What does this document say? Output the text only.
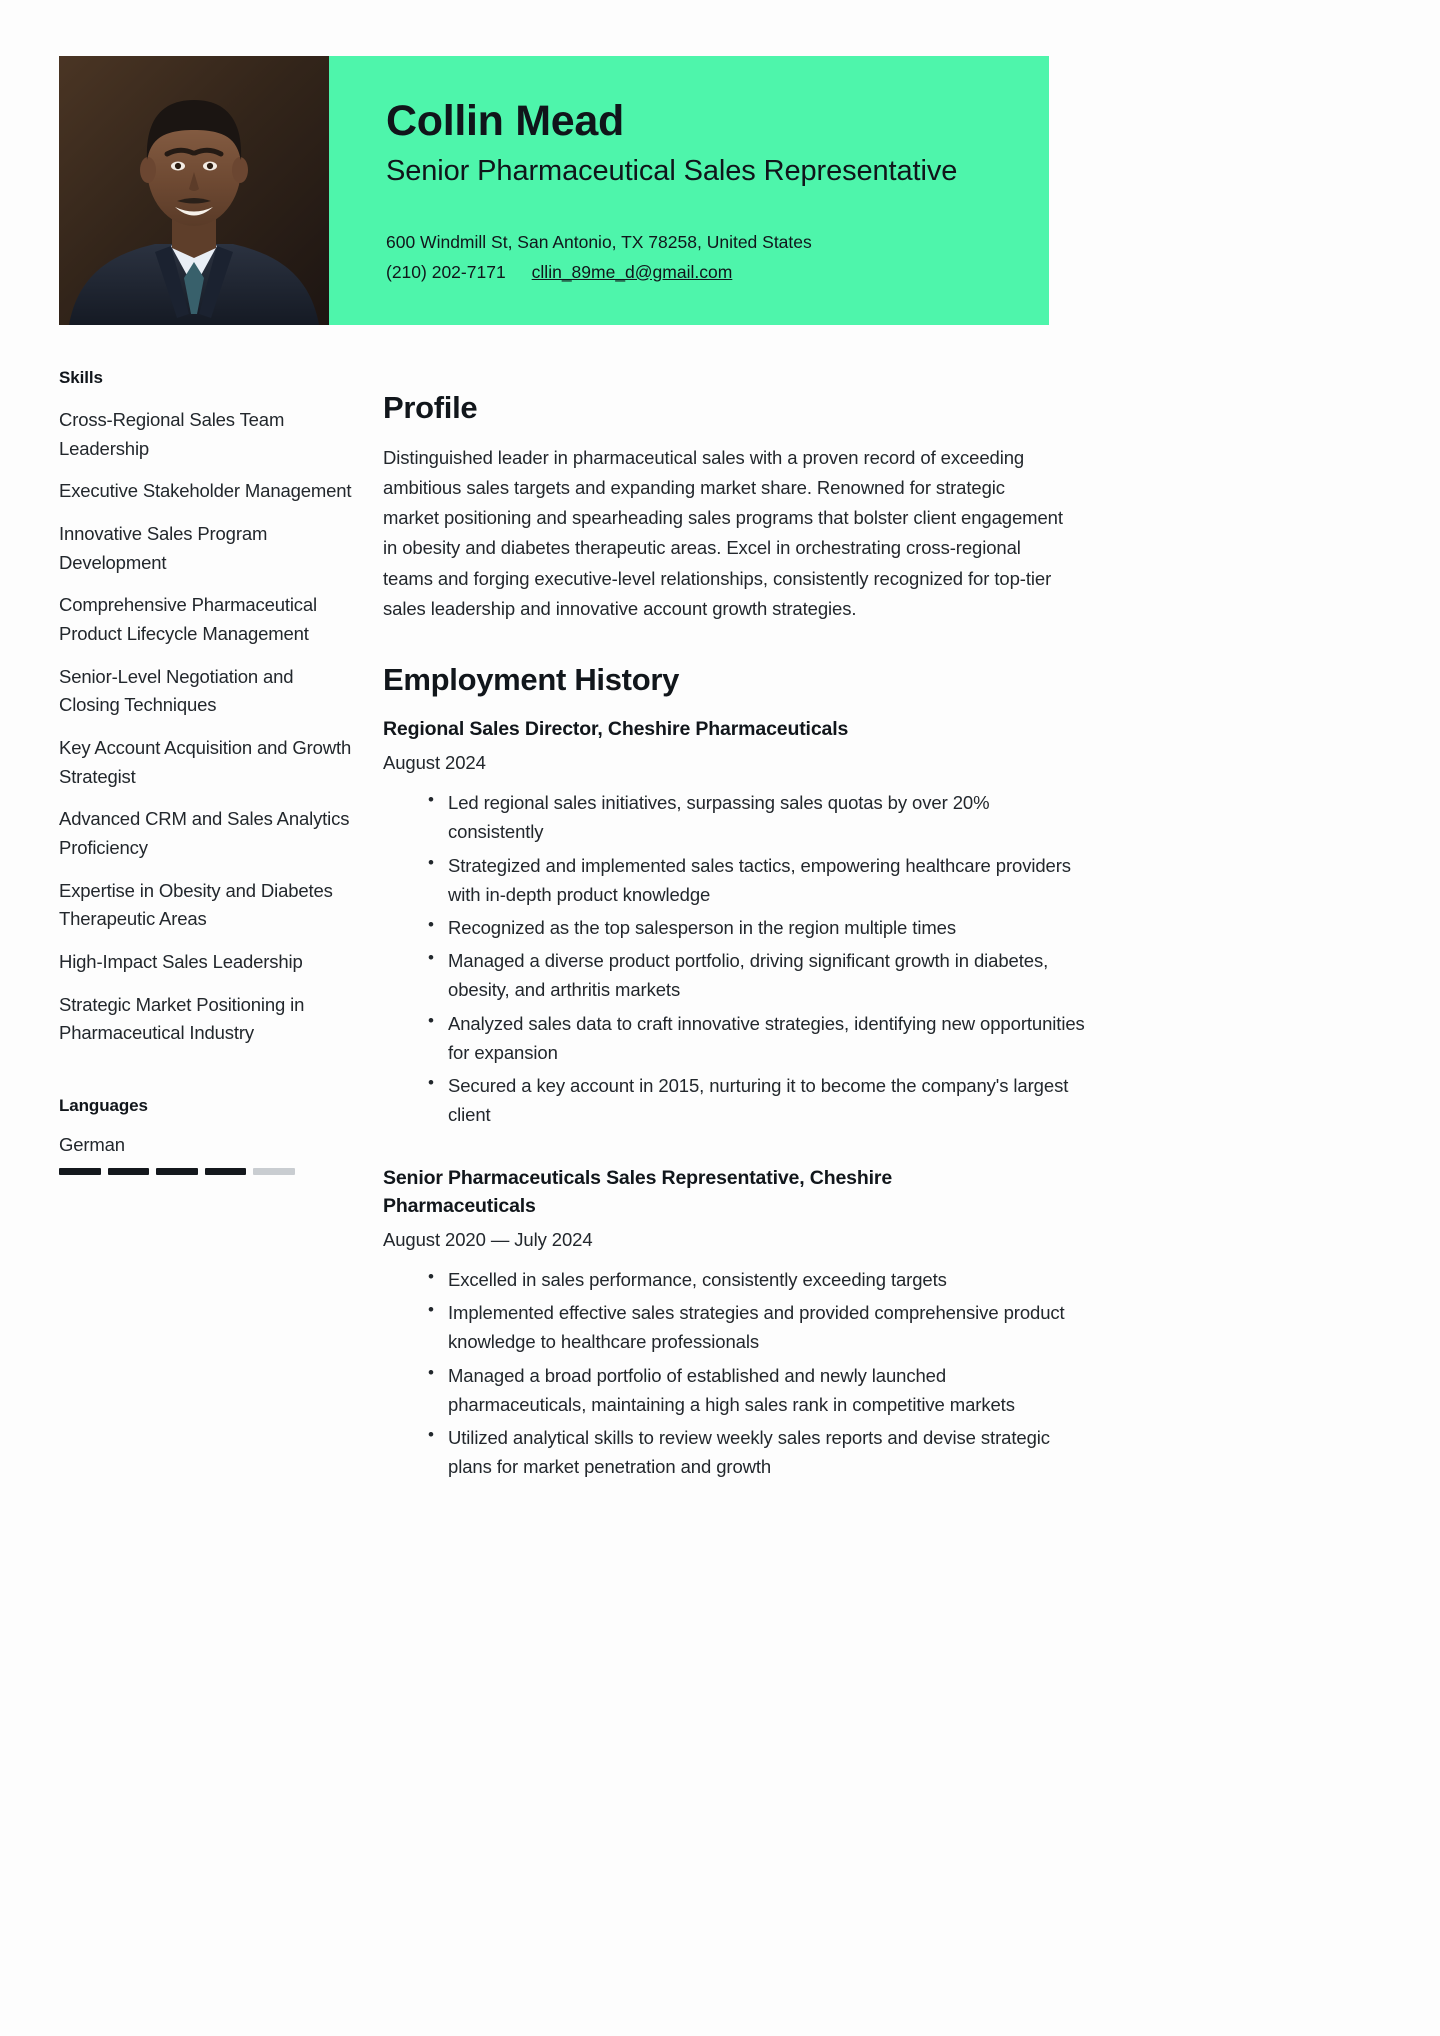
Collin Mead
Senior Pharmaceutical Sales Representative
600 Windmill St, San Antonio, TX 78258, United States
(210) 202-7171 cllin_89me_d@gmail.com
Skills
Cross-Regional Sales Team Leadership
Executive Stakeholder Management
Innovative Sales Program Development
Comprehensive Pharmaceutical Product Lifecycle Management
Senior-Level Negotiation and Closing Techniques
Key Account Acquisition and Growth Strategist
Advanced CRM and Sales Analytics Proficiency
Expertise in Obesity and Diabetes Therapeutic Areas
High-Impact Sales Leadership
Strategic Market Positioning in Pharmaceutical Industry
Languages
German
Profile
Distinguished leader in pharmaceutical sales with a proven record of exceeding ambitious sales targets and expanding market share. Renowned for strategic market positioning and spearheading sales programs that bolster client engagement in obesity and diabetes therapeutic areas. Excel in orchestrating cross-regional teams and forging executive-level relationships, consistently recognized for top-tier sales leadership and innovative account growth strategies.
Employment History
Regional Sales Director, Cheshire Pharmaceuticals
August 2024
• Led regional sales initiatives, surpassing sales quotas by over 20% consistently
• Strategized and implemented sales tactics, empowering healthcare providers with in-depth product knowledge
• Recognized as the top salesperson in the region multiple times
• Managed a diverse product portfolio, driving significant growth in diabetes, obesity, and arthritis markets
• Analyzed sales data to craft innovative strategies, identifying new opportunities for expansion
• Secured a key account in 2015, nurturing it to become the company's largest client
Senior Pharmaceuticals Sales Representative, Cheshire Pharmaceuticals
August 2020 — July 2024
• Excelled in sales performance, consistently exceeding targets
• Implemented effective sales strategies and provided comprehensive product knowledge to healthcare professionals
• Managed a broad portfolio of established and newly launched pharmaceuticals, maintaining a high sales rank in competitive markets
• Utilized analytical skills to review weekly sales reports and devise strategic plans for market penetration and growth
